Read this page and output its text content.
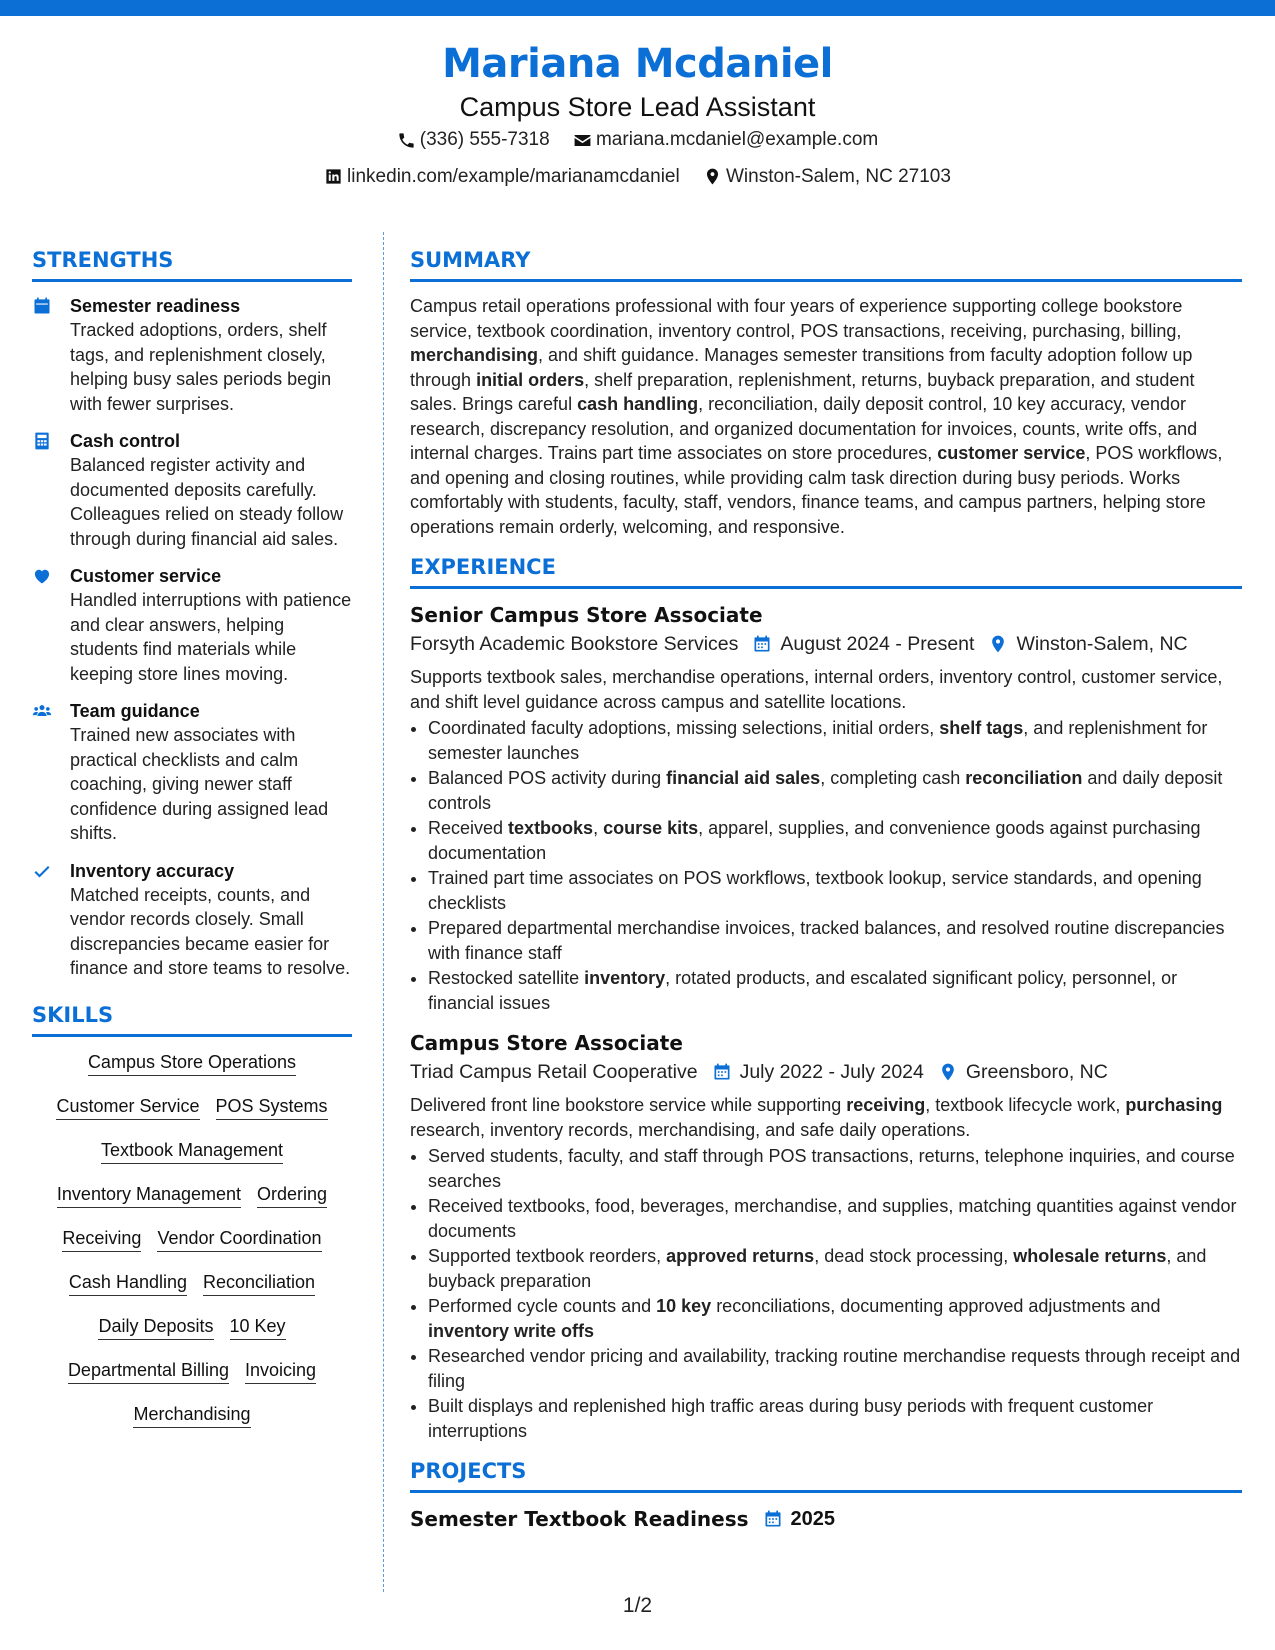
Mariana Mcdaniel
Campus Store Lead Assistant
(336) 555-7318
mariana.mcdaniel@example.com
linkedin.com/example/marianamcdaniel
Winston-Salem, NC 27103
STRENGTHS
Semester readiness
Tracked adoptions, orders, shelf tags, and replenishment closely, helping busy sales periods begin with fewer surprises.
Cash control
Balanced register activity and documented deposits carefully. Colleagues relied on steady follow through during financial aid sales.
Customer service
Handled interruptions with patience and clear answers, helping students find materials while keeping store lines moving.
Team guidance
Trained new associates with practical checklists and calm coaching, giving newer staff confidence during assigned lead shifts.
Inventory accuracy
Matched receipts, counts, and vendor records closely. Small discrepancies became easier for finance and store teams to resolve.
SKILLS
Campus Store Operations
Customer Service POS Systems
Textbook Management
Inventory Management Ordering
Receiving Vendor Coordination
Cash Handling Reconciliation
Daily Deposits 10 Key
Departmental Billing Invoicing
Merchandising
SUMMARY

Campus retail operations professional with four years of experience supporting college bookstore service, textbook coordination, inventory control, POS transactions, receiving, purchasing, billing, merchandising, and shift guidance. Manages semester transitions from faculty adoption follow up through initial orders, shelf preparation, replenishment, returns, buyback preparation, and student sales. Brings careful cash handling, reconciliation, daily deposit control, 10 key accuracy, vendor research, discrepancy resolution, and organized documentation for invoices, counts, write offs, and internal charges. Trains part time associates on store procedures, customer service, POS workflows, and opening and closing routines, while providing calm task direction during busy periods. Works comfortably with students, faculty, staff, vendors, finance teams, and campus partners, helping store operations remain orderly, welcoming, and responsive.

EXPERIENCE
Senior Campus Store Associate
Forsyth Academic Bookstore Services August 2024 - Present Winston-Salem, NC

Supports textbook sales, merchandise operations, internal orders, inventory control, customer service, and shift level guidance across campus and satellite locations.

• Coordinated faculty adoptions, missing selections, initial orders, shelf tags, and replenishment for semester launches
• Balanced POS activity during financial aid sales, completing cash reconciliation and daily deposit controls
• Received textbooks, course kits, apparel, supplies, and convenience goods against purchasing documentation
• Trained part time associates on POS workflows, textbook lookup, service standards, and opening checklists
• Prepared departmental merchandise invoices, tracked balances, and resolved routine discrepancies with finance staff
• Restocked satellite inventory, rotated products, and escalated significant policy, personnel, or financial issues
Campus Store Associate
Triad Campus Retail Cooperative July 2022 - July 2024 Greensboro, NC

Delivered front line bookstore service while supporting receiving, textbook lifecycle work, purchasing research, inventory records, merchandising, and safe daily operations.

• Served students, faculty, and staff through POS transactions, returns, telephone inquiries, and course searches
• Received textbooks, food, beverages, merchandise, and supplies, matching quantities against vendor documents
• Supported textbook reorders, approved returns, dead stock processing, wholesale returns, and buyback preparation
• Performed cycle counts and 10 key reconciliations, documenting approved adjustments and inventory write offs
• Researched vendor pricing and availability, tracking routine merchandise requests through receipt and filing
• Built displays and replenished high traffic areas during busy periods with frequent customer interruptions
PROJECTS
Semester Textbook Readiness 2025
1/2
